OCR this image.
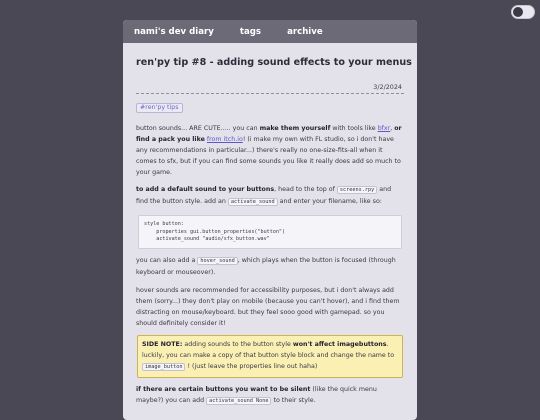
nami's dev diary	tags	archive
ren'py tip #8 - adding sound effects to your menus
3/2/2024
#ren'py tips

button sounds... ARE CUTE..... you can make them yourself with tools like bfxr, or find a pack you like from itch.io! (i make my own with FL studio, so i don't have any recommendations in particular...) there's really no one-size-fits-all when it comes to sfx, but if you can find some sounds you like it really does add so much to your game.

to add a default sound to your buttons, head to the top of screens.rpy and find the button style. add an activate_sound and enter your filename, like so:

style button:
properties gui.button_properties("button")
activate_sound "audio/sfx_button.wav"

you can also add a hover_sound , which plays when the button is focused (through keyboard or mouseover).

hover sounds are recommended for accessibility purposes, but i don't always add them (sorry...) they don't play on mobile (because you can't hover), and i find them distracting on mouse/keyboard. but they feel sooo good with gamepad. so you should definitely consider it!

SIDE NOTE: adding sounds to the button style won't affect imagebuttons. luckily, you can make a copy of that button style block and change the name to image_button ! (just leave the properties line out haha)

if there are certain buttons you want to be silent (like the quick menu maybe?) you can add activate_sound None to their style.
